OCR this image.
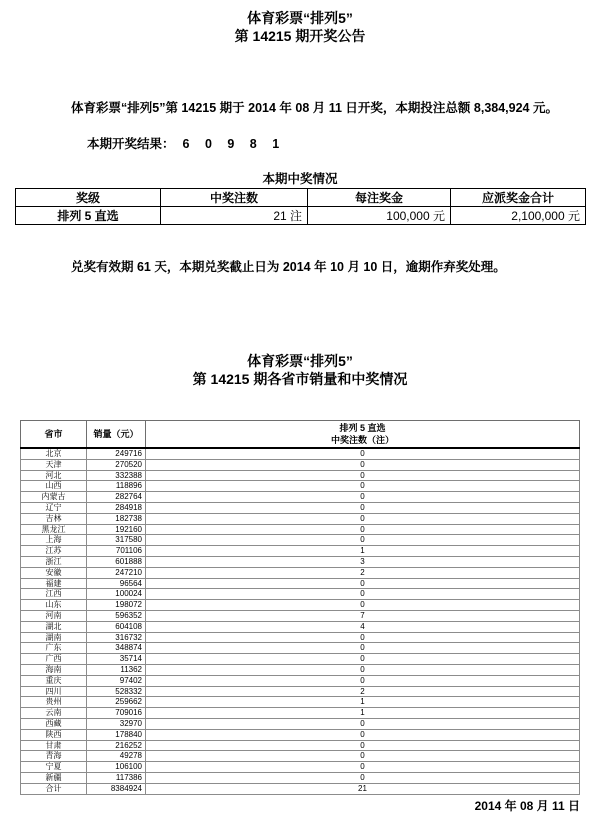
体育彩票“排列5”
第 14215 期开奖公告

体育彩票“排列5”第 14215 期于 2014 年 08 月 11 日开奖，本期投注总额 8,384,924 元。

本期开奖结果： 6 0 9 8 1

本期中奖情况
奖级	中奖注数	每注奖金	应派奖金合计
排列 5 直选	21 注	100,000 元	2,100,000 元

兑奖有效期 61 天，本期兑奖截止日为 2014 年 10 月 10 日，逾期作弃奖处理。

体育彩票“排列5”
第 14215 期各省市销量和中奖情况
省市	销量（元）	排列 5 直选
中奖注数（注）

北京	249716	0
天津	270520	0
河北	332388	0
山西	118896	0
内蒙古	282764	0
辽宁	284918	0
吉林	182738	0
黑龙江	192160	0
上海	317580	0
江苏	701106	1
浙江	601888	3
安徽	247210	2
福建	96564	0
江西	100024	0
山东	198072	0
河南	596352	7
湖北	604108	4
湖南	316732	0
广东	348874	0
广西	35714	0
海南	11362	0
重庆	97402	0
四川	528332	2
贵州	259662	1
云南	709016	1
西藏	32970	0
陕西	178840	0
甘肃	216252	0
青海	49278	0
宁夏	106100	0
新疆	117386	0
合计	8384924	21
2014 年 08 月 11 日
